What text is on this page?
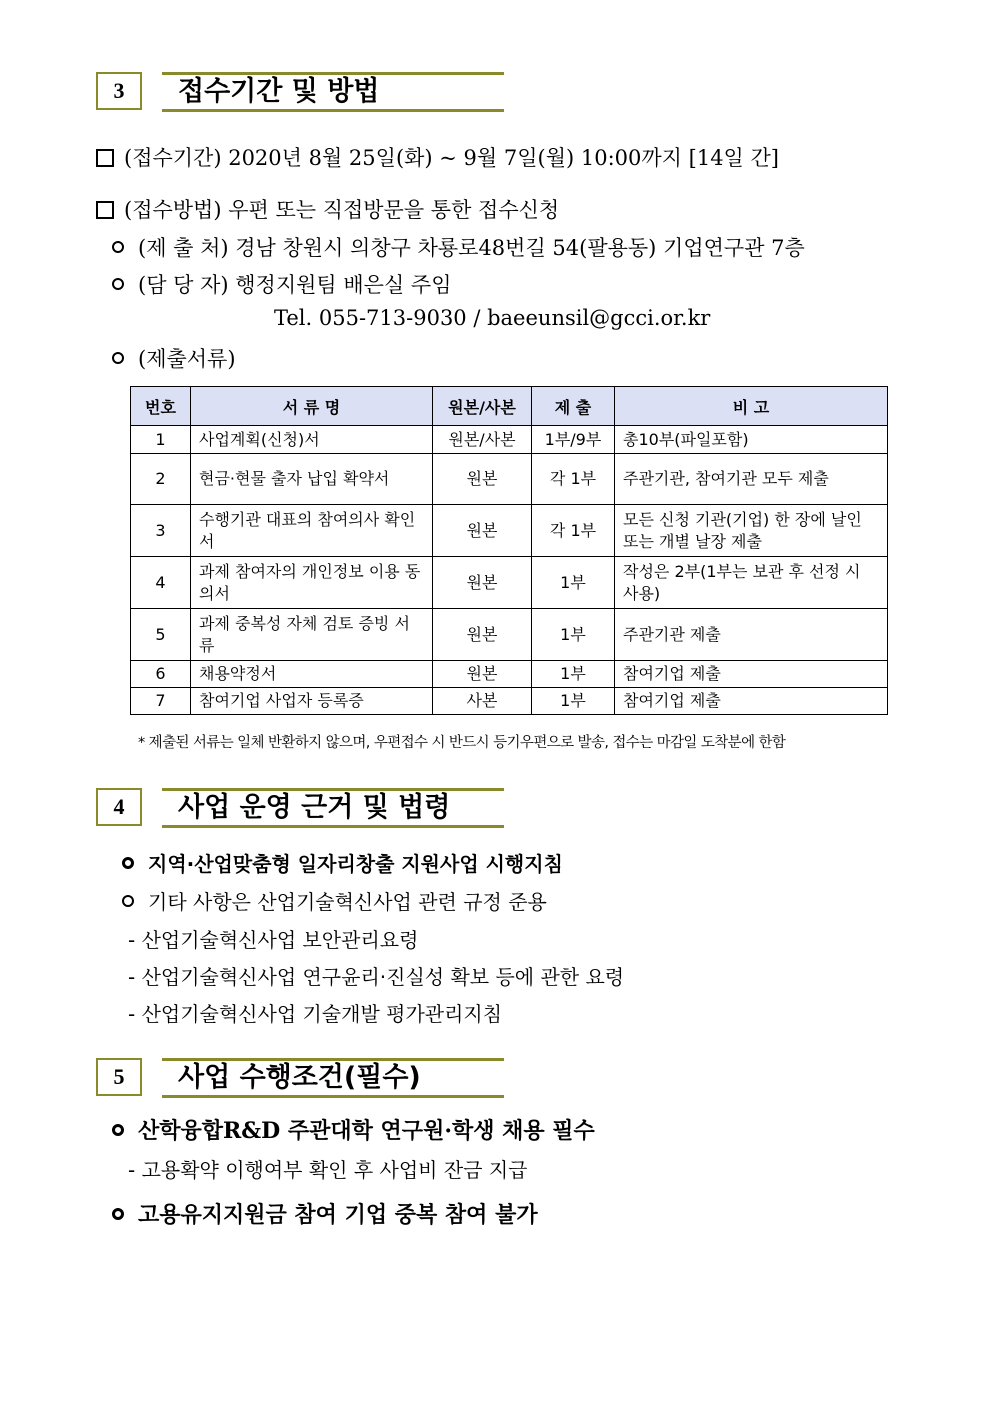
3	접수기간 및 방법
(접수기간) 2020년 8월 25일(화) ~ 9월 7일(월) 10:00까지 [14일 간]
(접수방법) 우편 또는 직접방문을 통한 접수신청
(제 출 처) 경남 창원시 의창구 차룡로48번길 54(팔용동) 기업연구관 7층
(담 당 자) 행정지원팀 배은실 주임
Tel. 055-713-9030 / baeeunsil@gcci.or.kr
(제출서류)
번호	서 류 명	원본/사본	제 출	비 고
1	사업계획(신청)서	원본/사본	1부/9부	총10부(파일포함)
2	현금·현물 출자 납입 확약서	원본	각 1부	주관기관, 참여기관 모두 제출
3	수행기관 대표의 참여의사 확인서	원본	각 1부	모든 신청 기관(기업) 한 장에 날인 또는 개별 날장 제출
4	과제 참여자의 개인정보 이용 동의서	원본	1부	작성은 2부(1부는 보관 후 선정 시 사용)
5	과제 중복성 자체 검토 증빙 서류	원본	1부	주관기관 제출
6	채용약정서	원본	1부	참여기업 제출
7	참여기업 사업자 등록증	사본	1부	참여기업 제출
* 제출된 서류는 일체 반환하지 않으며, 우편접수 시 반드시 등기우편으로 발송, 접수는 마감일 도착분에 한함
4	사업 운영 근거 및 법령
지역·산업맞춤형 일자리창출 지원사업 시행지침
기타 사항은 산업기술혁신사업 관련 규정 준용
- 산업기술혁신사업 보안관리요령
- 산업기술혁신사업 연구윤리·진실성 확보 등에 관한 요령
- 산업기술혁신사업 기술개발 평가관리지침
5	사업 수행조건(필수)
산학융합R&D 주관대학 연구원·학생 채용 필수
- 고용확약 이행여부 확인 후 사업비 잔금 지급
고용유지지원금 참여 기업 중복 참여 불가
